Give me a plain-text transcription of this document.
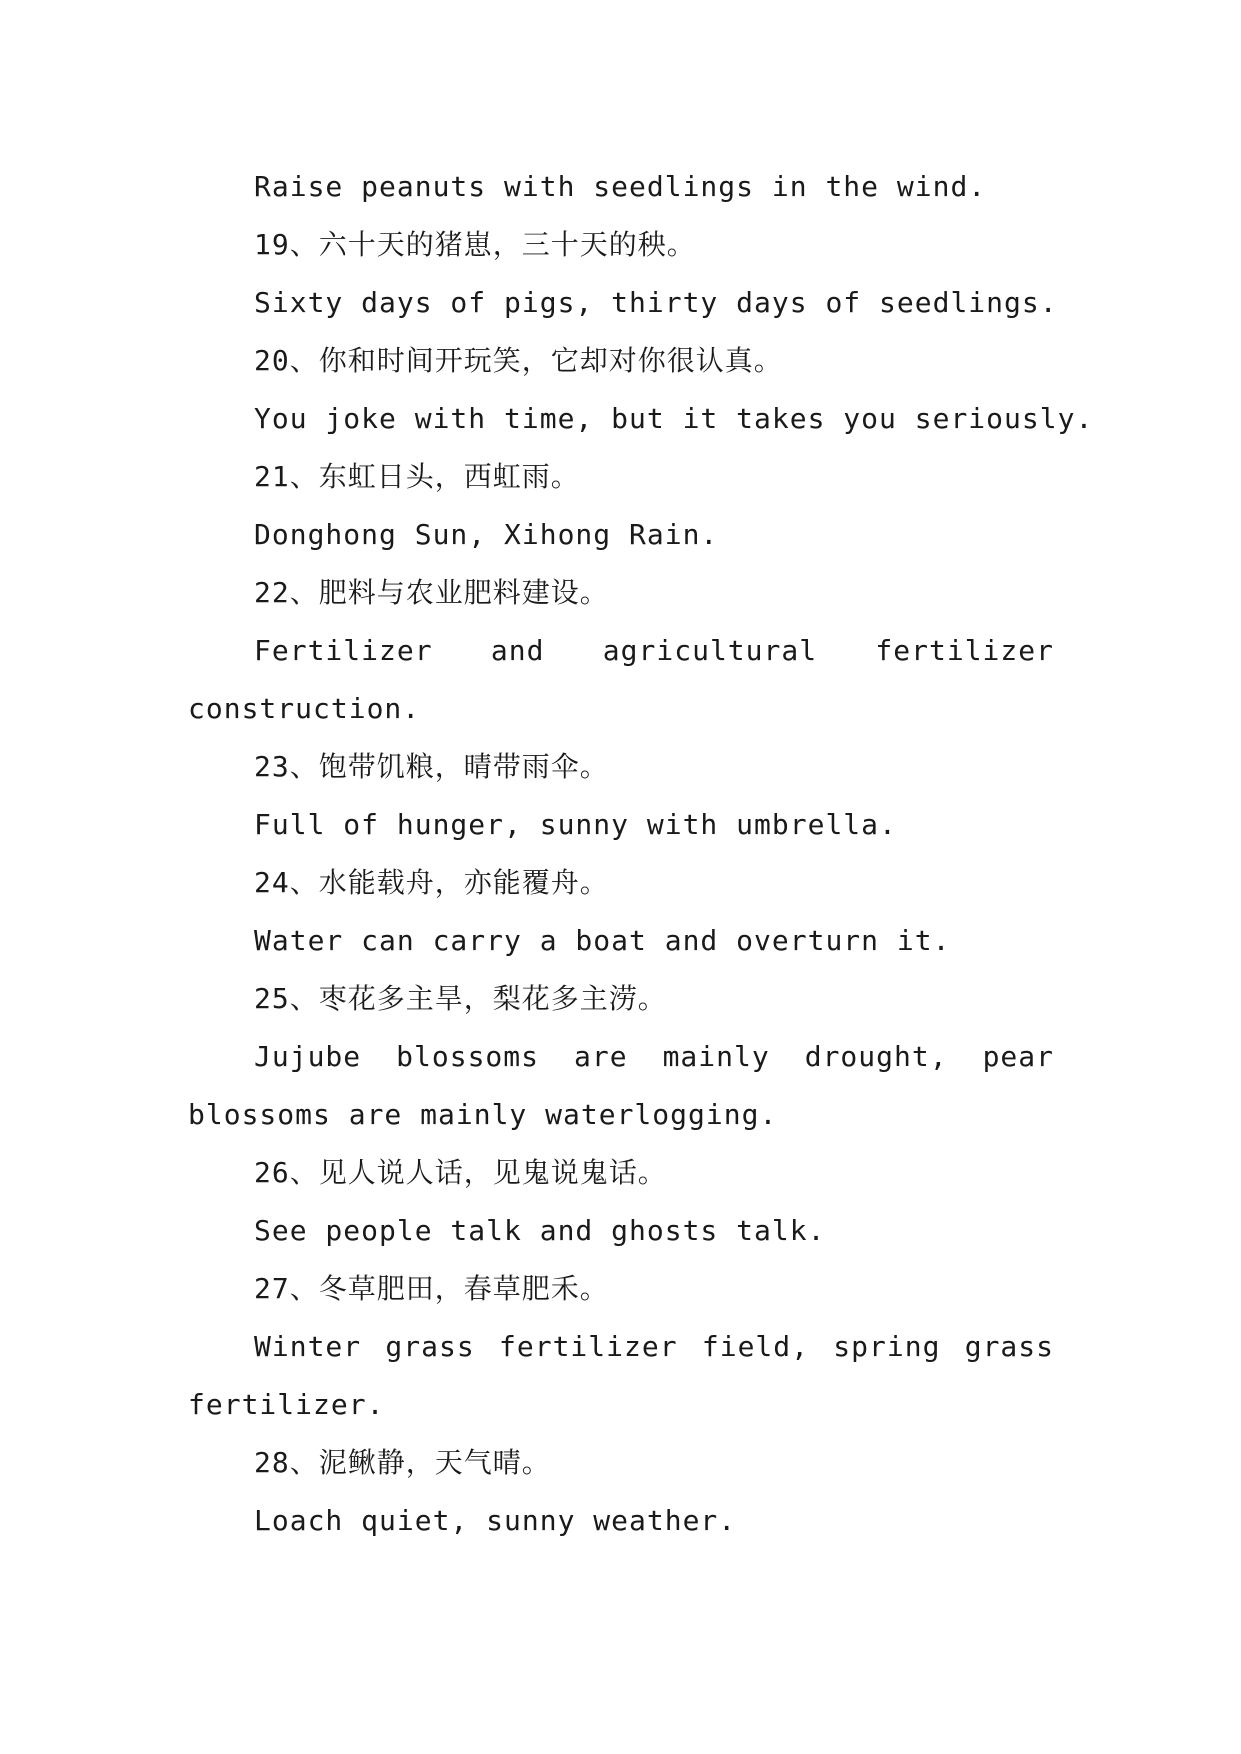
Raise peanuts with seedlings in the wind.

19、六十天的猪崽，三十天的秧。

Sixty days of pigs, thirty days of seedlings.

20、你和时间开玩笑，它却对你很认真。

You joke with time, but it takes you seriously.

21、东虹日头，西虹雨。

Donghong Sun, Xihong Rain.

22、肥料与农业肥料建设。

Fertilizer and agricultural fertilizer construction.

23、饱带饥粮，晴带雨伞。

Full of hunger, sunny with umbrella.

24、水能载舟，亦能覆舟。

Water can carry a boat and overturn it.

25、枣花多主旱，梨花多主涝。

Jujube blossoms are mainly drought, pear blossoms are mainly waterlogging.

26、见人说人话，见鬼说鬼话。

See people talk and ghosts talk.

27、冬草肥田，春草肥禾。

Winter grass fertilizer field, spring grass fertilizer.

28、泥鳅静，天气晴。

Loach quiet, sunny weather.
